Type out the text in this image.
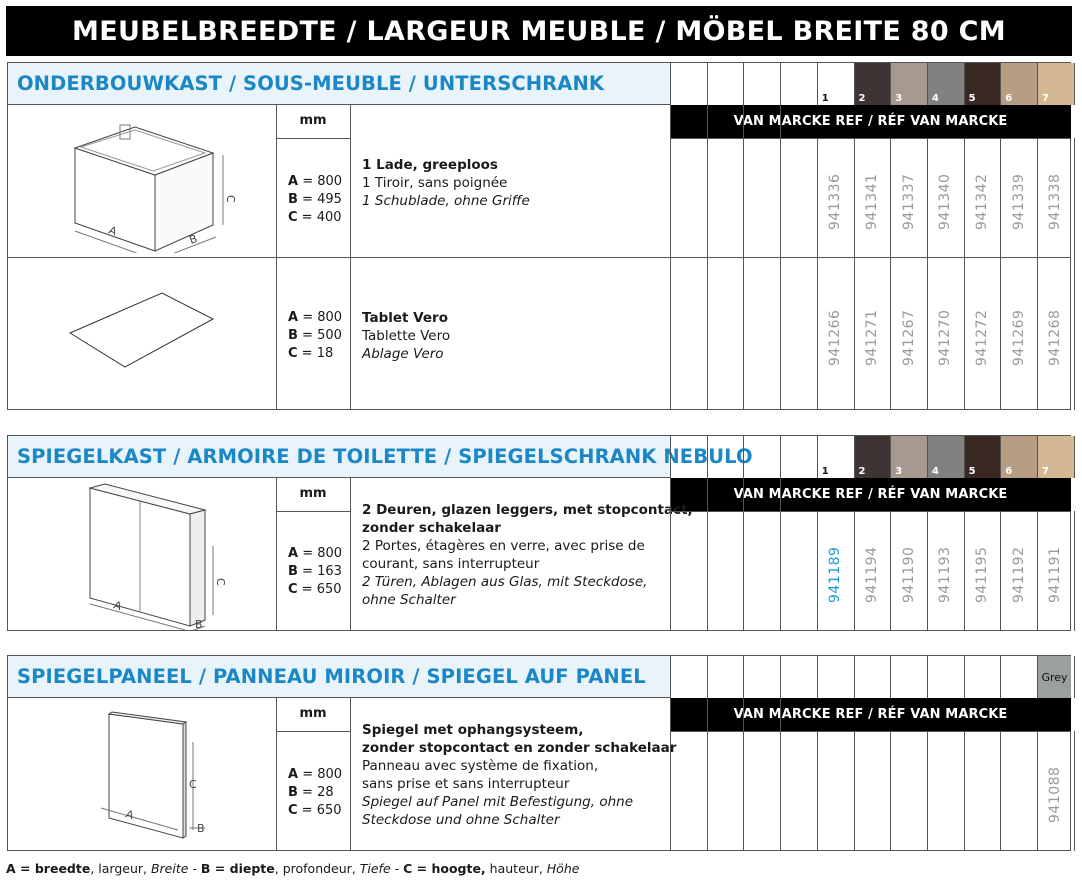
MEUBELBREEDTE / LARGEUR MEUBLE / MÖBEL BREITE 80 CM
ONDERBOUWKAST / SOUS-MEUBLE / UNTERSCHRANK
VAN MARCKE REF / RÉF VAN MARCKE
mm
A
B
C
A = 800
B = 495
C = 400
1 Lade, greeploos
1 Tiroir, sans poignée
1 Schublade, ohne Griffe
A = 800
B = 500
C = 18
Tablet Vero
Tablette Vero
Ablage Vero
1	2	3	4	5	6	7
941336 941341 941337 941340 941342 941339 941338
941266 941271 941267 941270 941272 941269 941268
SPIEGELKAST / ARMOIRE DE TOILETTE / SPIEGELSCHRANK NEBULO
VAN MARCKE REF / RÉF VAN MARCKE
mm
A
B
C
A = 800
B = 163
C = 650
2 Deuren, glazen leggers, met stopcontact,
zonder schakelaar
2 Portes, étagères en verre, avec prise de
courant, sans interrupteur
2 Türen, Ablagen aus Glas, mit Steckdose,
ohne Schalter
1	2	3	4	5	6	7
941189 941194 941190 941193 941195 941192 941191
SPIEGELPANEEL / PANNEAU MIROIR / SPIEGEL AUF PANEL
VAN MARCKE REF / RÉF VAN MARCKE
mm
A
B
C
A = 800
B = 28
C = 650
Spiegel met ophangsysteem,
zonder stopcontact en zonder schakelaar
Panneau avec système de fixation,
sans prise et sans interrupteur
Spiegel auf Panel mit Befestigung, ohne
Steckdose und ohne Schalter
Grey
941088
A = breedte, largeur, Breite - B = diepte, profondeur, Tiefe - C = hoogte, hauteur, Höhe
